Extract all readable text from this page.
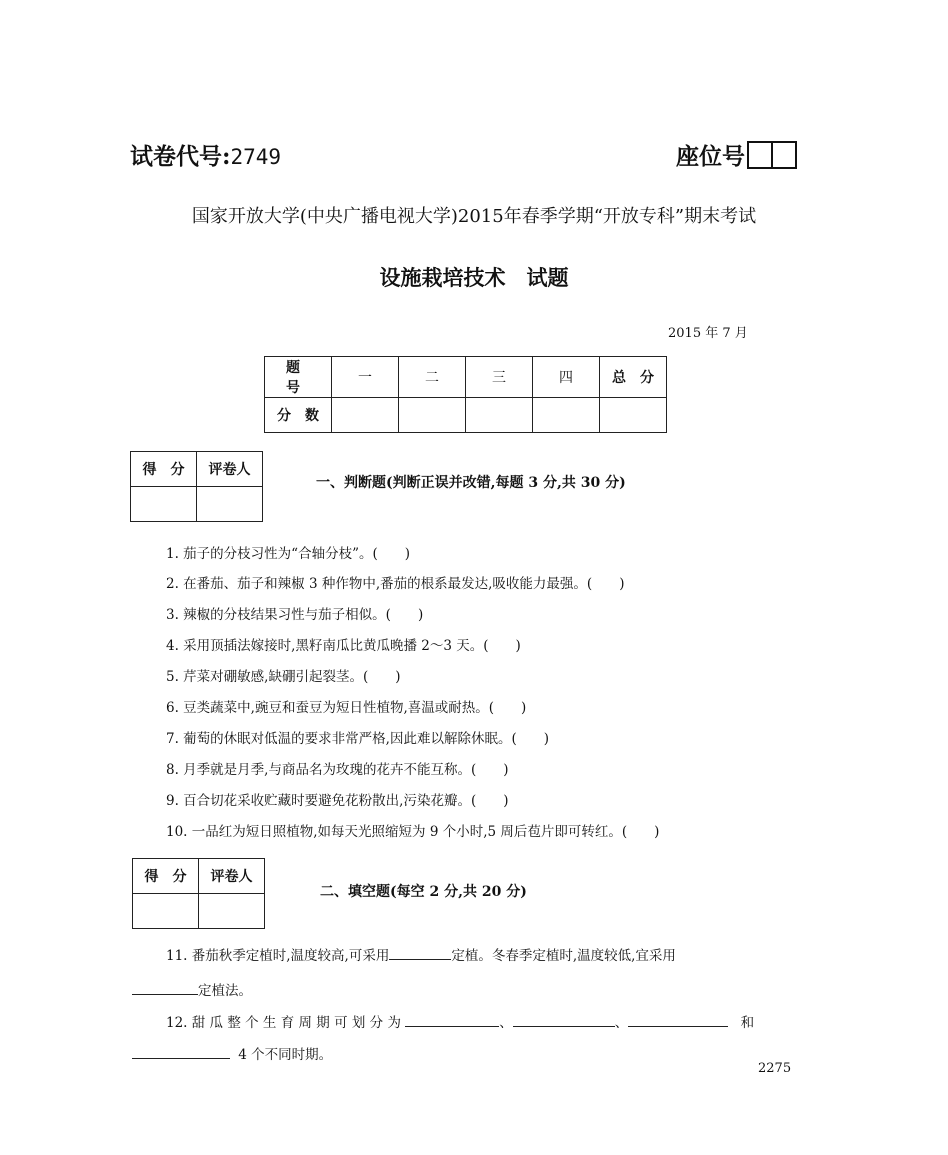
试卷代号:2749	座位号
国家开放大学(中央广播电视大学)2015年春季学期“开放专科”期末考试
设施栽培技术　试题
2015 年 7 月
题　号	一	二	三	四	总　分
分　数					
得　分	评卷人

一、判断题(判断正误并改错,每题 3 分,共 30 分)
1. 茄子的分枝习性为“合轴分枝”。(　　)
2. 在番茄、茄子和辣椒 3 种作物中,番茄的根系最发达,吸收能力最强。(　　)
3. 辣椒的分枝结果习性与茄子相似。(　　)
4. 采用顶插法嫁接时,黑籽南瓜比黄瓜晚播 2～3 天。(　　)
5. 芹菜对硼敏感,缺硼引起裂茎。(　　)
6. 豆类蔬菜中,豌豆和蚕豆为短日性植物,喜温或耐热。(　　)
7. 葡萄的休眠对低温的要求非常严格,因此难以解除休眠。(　　)
8. 月季就是月季,与商品名为玫瑰的花卉不能互称。(　　)
9. 百合切花采收贮藏时要避免花粉散出,污染花瓣。(　　)
10. 一品红为短日照植物,如每天光照缩短为 9 个小时,5 周后苞片即可转红。(　　)
得　分	评卷人

二、填空题(每空 2 分,共 20 分)
11. 番茄秋季定植时,温度较高,可采用	定植。冬春季定植时,温度较低,宜采用
定植法。
12. 甜 瓜 整 个 生 育 周 期 可 划 分 为	、	、	和
4 个不同时期。
2275
